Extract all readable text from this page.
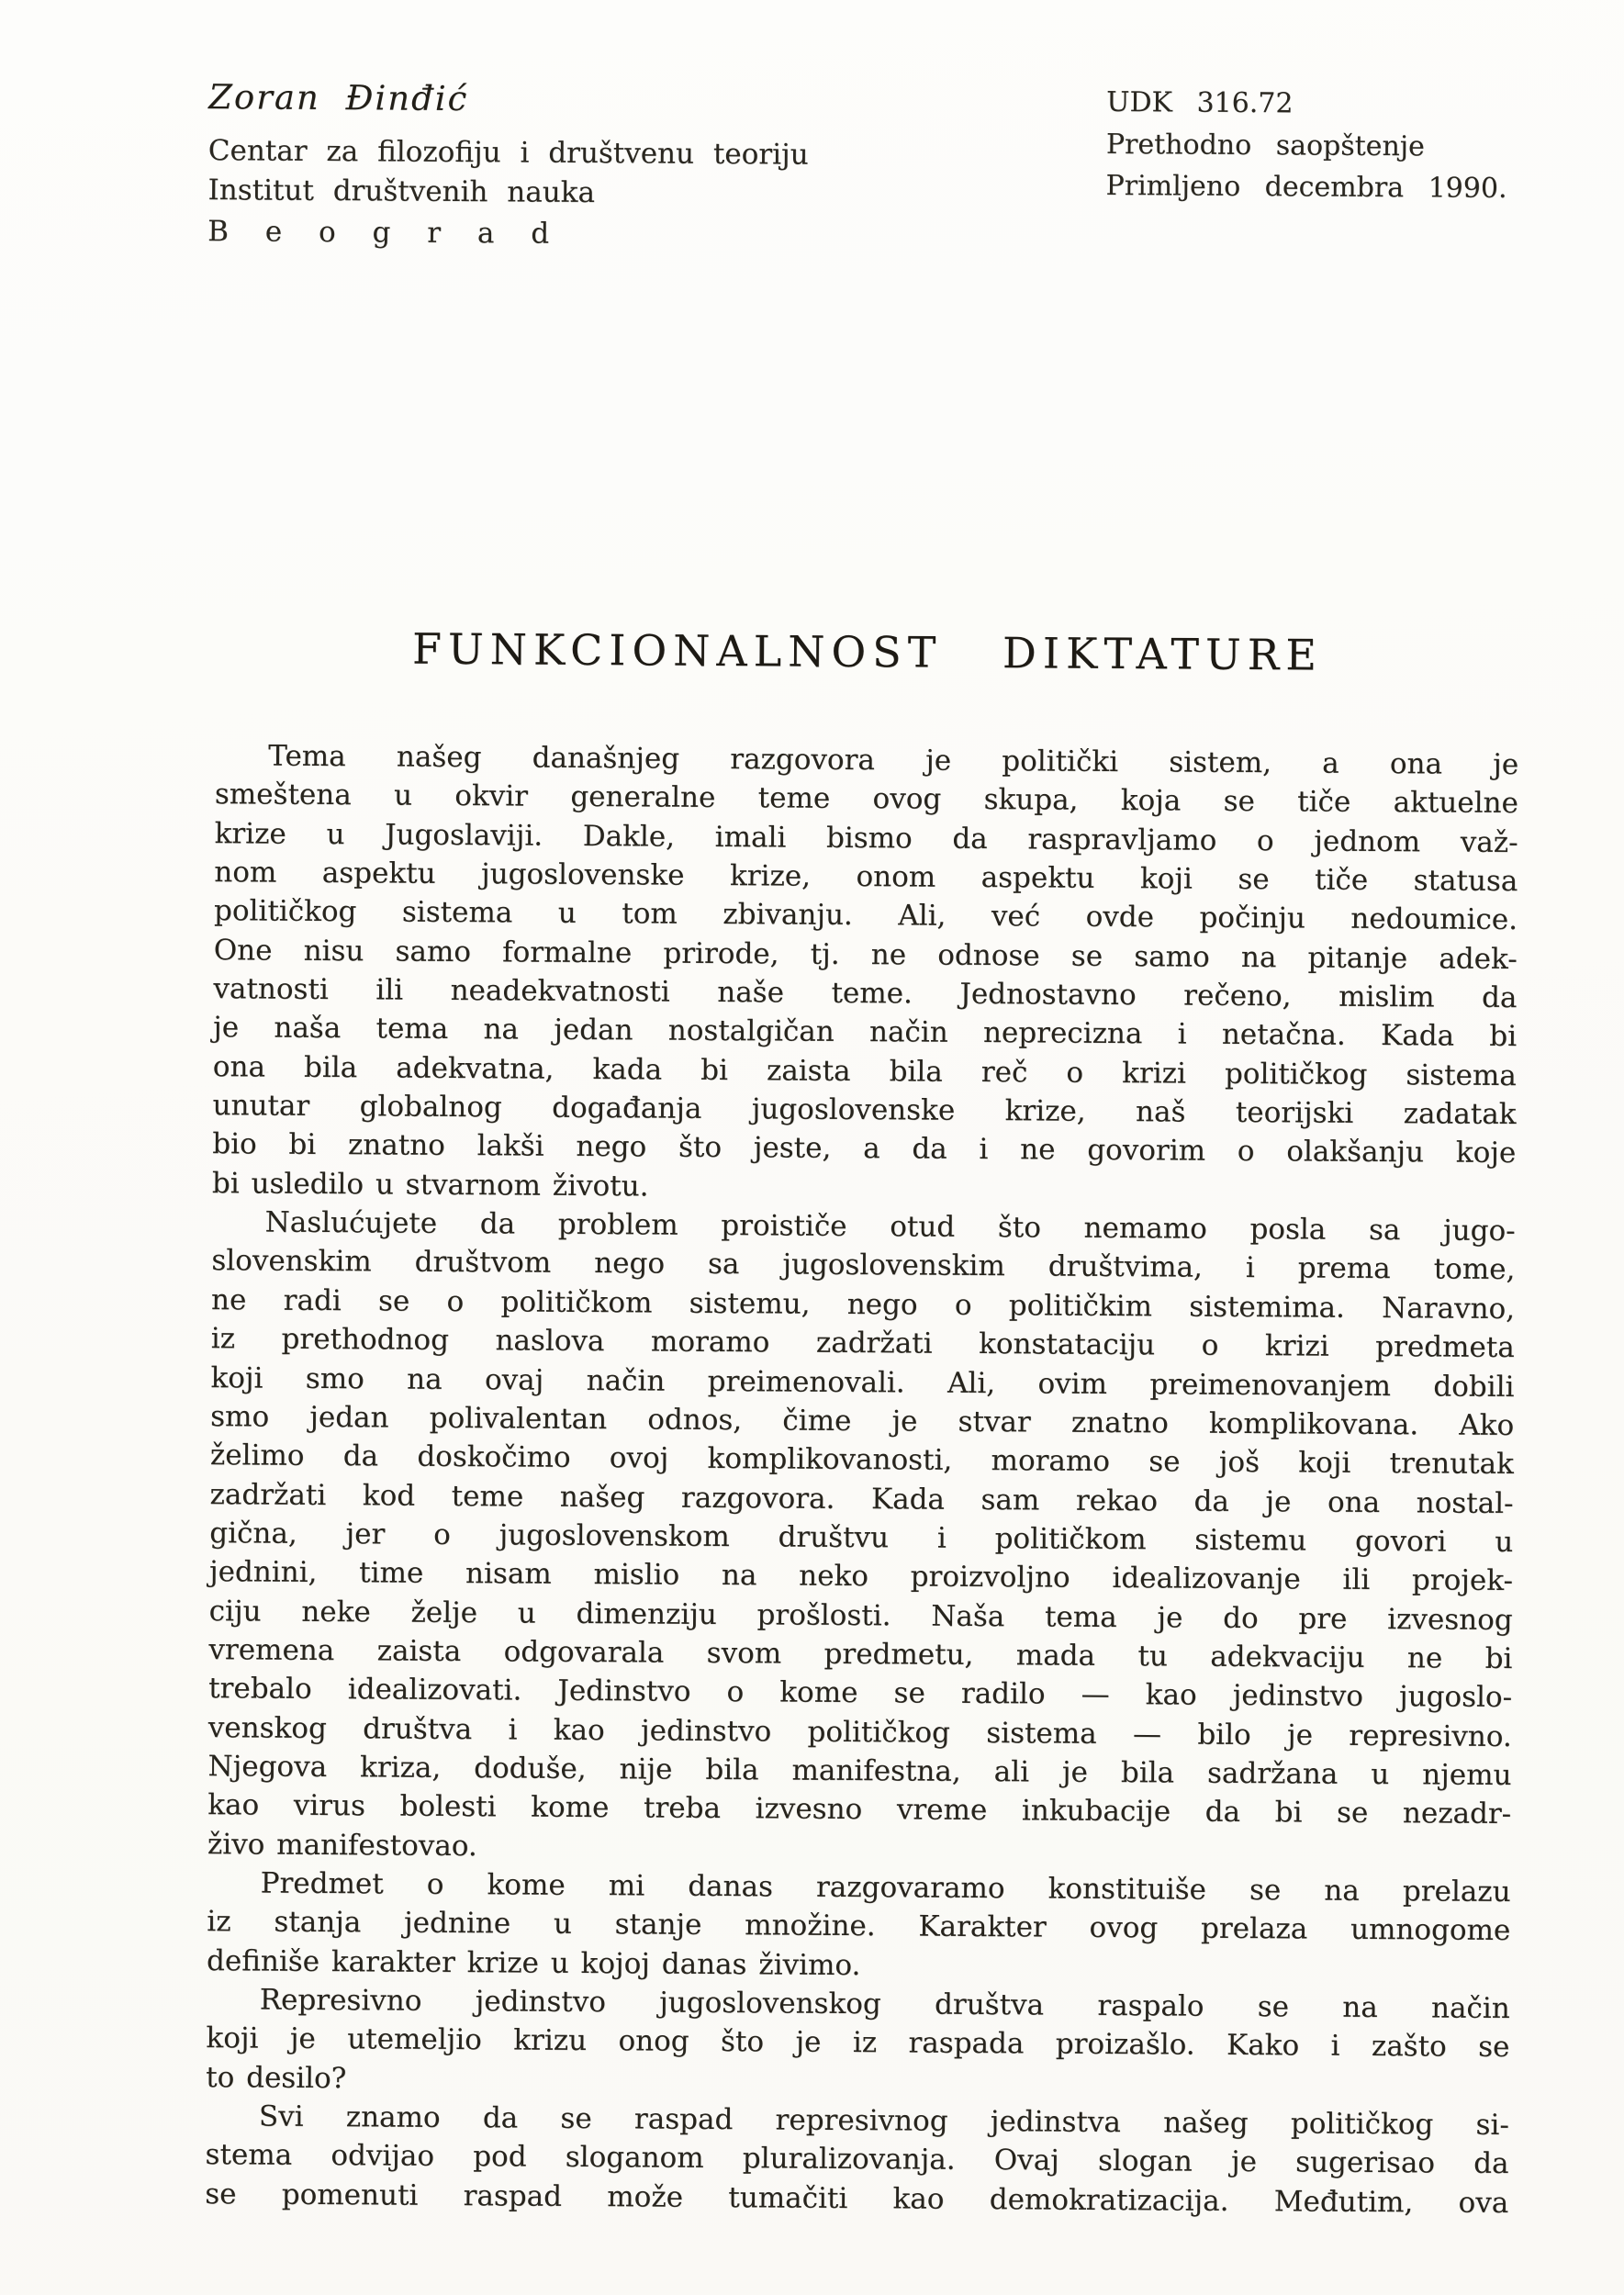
Zoran Đinđić
Centar za filozofiju i društvenu teoriju
Institut društvenih nauka
B e o g r a d
UDK 316.72
Prethodno saopštenje
Primljeno decembra 1990.
FUNKCIONALNOST DIKTATURE
Tema našeg današnjeg razgovora je politički sistem, a ona je
smeštena u okvir generalne teme ovog skupa, koja se tiče aktuelne
krize u Jugoslaviji. Dakle, imali bismo da raspravljamo o jednom važ-
nom aspektu jugoslovenske krize, onom aspektu koji se tiče statusa
političkog sistema u tom zbivanju. Ali, već ovde počinju nedoumice.
One nisu samo formalne prirode, tj. ne odnose se samo na pitanje adek-
vatnosti ili neadekvatnosti naše teme. Jednostavno rečeno, mislim da
je naša tema na jedan nostalgičan način neprecizna i netačna. Kada bi
ona bila adekvatna, kada bi zaista bila reč o krizi političkog sistema
unutar globalnog događanja jugoslovenske krize, naš teorijski zadatak
bio bi znatno lakši nego što jeste, a da i ne govorim o olakšanju koje
bi usledilo u stvarnom životu.
Naslućujete da problem proističe otud što nemamo posla sa jugo-
slovenskim društvom nego sa jugoslovenskim društvima, i prema tome,
ne radi se o političkom sistemu, nego o političkim sistemima. Naravno,
iz prethodnog naslova moramo zadržati konstataciju o krizi predmeta
koji smo na ovaj način preimenovali. Ali, ovim preimenovanjem dobili
smo jedan polivalentan odnos, čime je stvar znatno komplikovana. Ako
želimo da doskočimo ovoj komplikovanosti, moramo se još koji trenutak
zadržati kod teme našeg razgovora. Kada sam rekao da je ona nostal-
gična, jer o jugoslovenskom društvu i političkom sistemu govori u
jednini, time nisam mislio na neko proizvoljno idealizovanje ili projek-
ciju neke želje u dimenziju prošlosti. Naša tema je do pre izvesnog
vremena zaista odgovarala svom predmetu, mada tu adekvaciju ne bi
trebalo idealizovati. Jedinstvo o kome se radilo — kao jedinstvo jugoslo-
venskog društva i kao jedinstvo političkog sistema — bilo je represivno.
Njegova kriza, doduše, nije bila manifestna, ali je bila sadržana u njemu
kao virus bolesti kome treba izvesno vreme inkubacije da bi se nezadr-
živo manifestovao.
Predmet o kome mi danas razgovaramo konstituiše se na prelazu
iz stanja jednine u stanje množine. Karakter ovog prelaza umnogome
definiše karakter krize u kojoj danas živimo.
Represivno jedinstvo jugoslovenskog društva raspalo se na način
koji je utemeljio krizu onog što je iz raspada proizašlo. Kako i zašto se
to desilo?
Svi znamo da se raspad represivnog jedinstva našeg političkog si-
stema odvijao pod sloganom pluralizovanja. Ovaj slogan je sugerisao da
se pomenuti raspad može tumačiti kao demokratizacija. Međutim, ova
